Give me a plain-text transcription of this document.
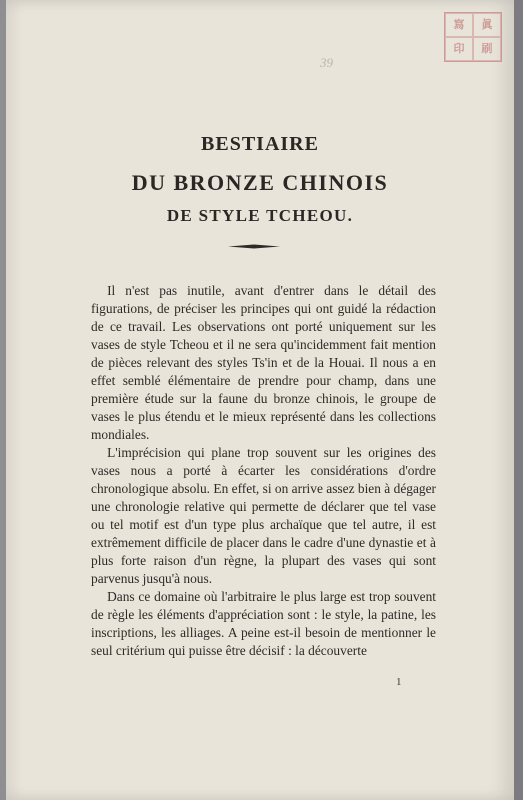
寫	眞
印	刷
39
BESTIAIRE
DU BRONZE CHINOIS
DE STYLE TCHEOU.

Il n'est pas inutile, avant d'entrer dans le détail des figurations, de préciser les principes qui ont guidé la rédaction de ce travail. Les observations ont porté uniquement sur les vases de style Tcheou et il ne sera qu'incidemment fait mention de pièces relevant des styles Ts'in et de la Houai. Il nous a en effet semblé élémentaire de prendre pour champ, dans une première étude sur la faune du bronze chinois, le groupe de vases le plus étendu et le mieux représenté dans les collections mondiales.

L'imprécision qui plane trop souvent sur les origines des vases nous a porté à écarter les considérations d'ordre chronologique absolu. En effet, si on arrive assez bien à dégager une chronologie relative qui permette de déclarer que tel vase ou tel motif est d'un type plus archaïque que tel autre, il est extrêmement difficile de placer dans le cadre d'une dynastie et à plus forte raison d'un règne, la plupart des vases qui sont parvenus jusqu'à nous.

Dans ce domaine où l'arbitraire le plus large est trop souvent de règle les éléments d'appréciation sont : le style, la patine, les inscriptions, les alliages. A peine est-il besoin de mentionner le seul critérium qui puisse être décisif : la découverte

1
